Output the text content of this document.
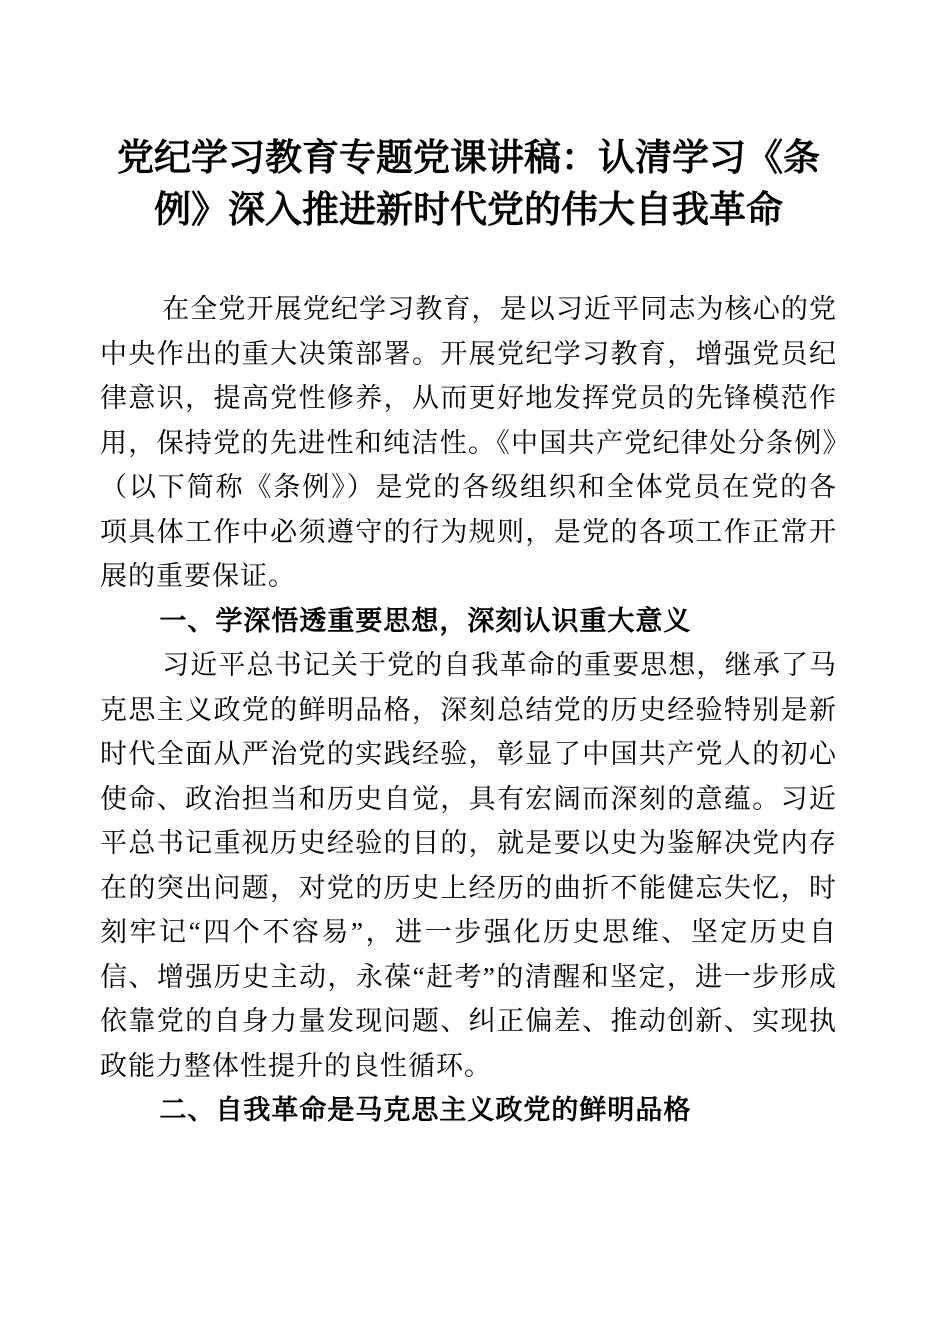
党纪学习教育专题党课讲稿：认清学习《条例》深入推进新时代党的伟大自我革命

在全党开展党纪学习教育，是以习近平同志为核心的党中央作出的重大决策部署。开展党纪学习教育，增强党员纪律意识，提高党性修养，从而更好地发挥党员的先锋模范作用，保持党的先进性和纯洁性。《中国共产党纪律处分条例》（以下简称《条例》）是党的各级组织和全体党员在党的各项具体工作中必须遵守的行为规则，是党的各项工作正常开展的重要保证。

一、学深悟透重要思想，深刻认识重大意义

习近平总书记关于党的自我革命的重要思想，继承了马克思主义政党的鲜明品格，深刻总结党的历史经验特别是新时代全面从严治党的实践经验，彰显了中国共产党人的初心使命、政治担当和历史自觉，具有宏阔而深刻的意蕴。习近平总书记重视历史经验的目的，就是要以史为鉴解决党内存在的突出问题，对党的历史上经历的曲折不能健忘失忆，时刻牢记“四个不容易”，进一步强化历史思维、坚定历史自信、增强历史主动，永葆“赶考”的清醒和坚定，进一步形成依靠党的自身力量发现问题、纠正偏差、推动创新、实现执政能力整体性提升的良性循环。

二、自我革命是马克思主义政党的鲜明品格
